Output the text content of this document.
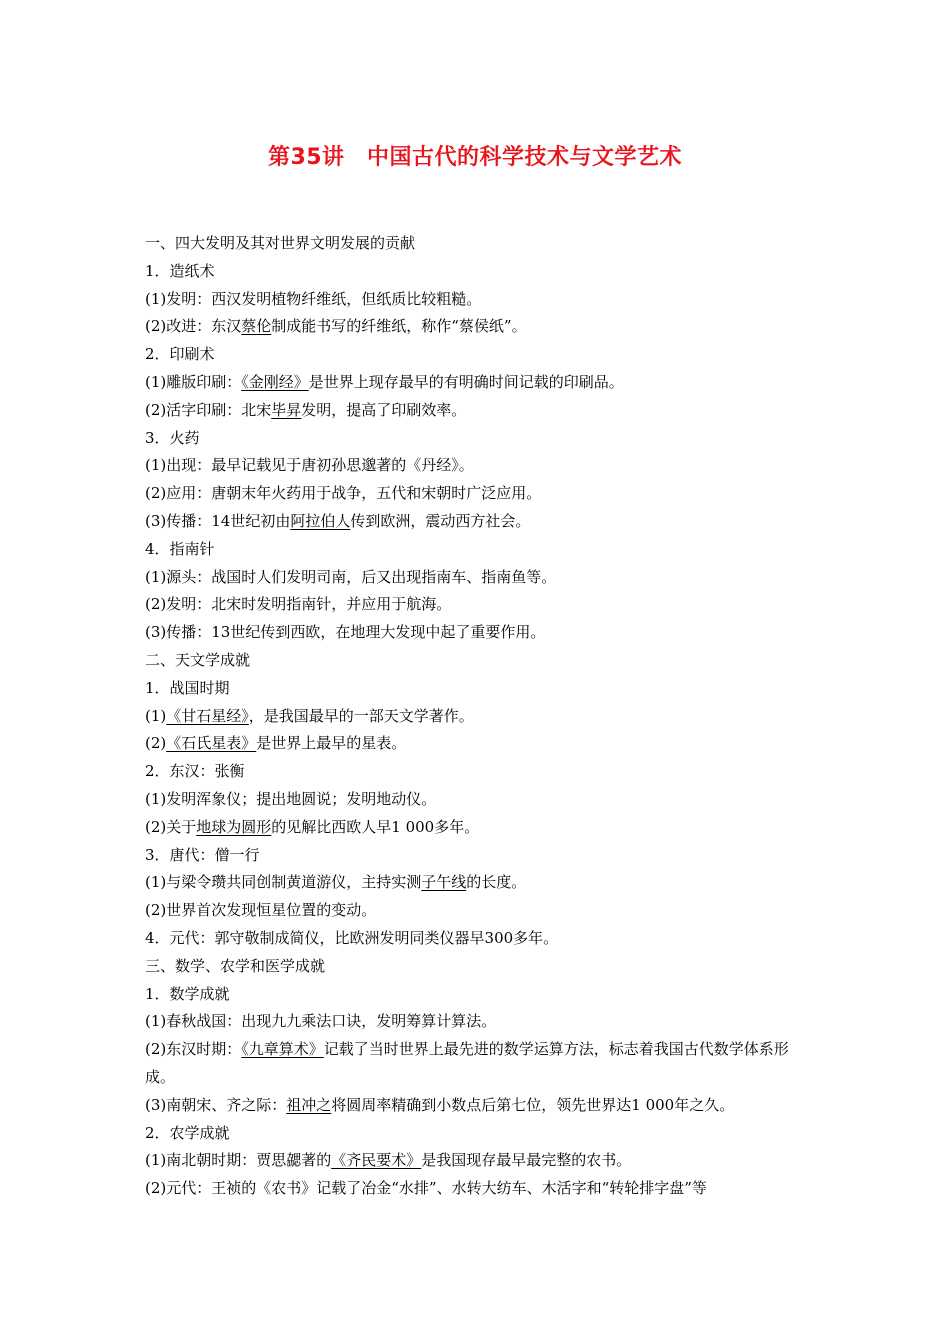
第35讲　中国古代的科学技术与文学艺术
一、四大发明及其对世界文明发展的贡献
1．造纸术
(1)发明：西汉发明植物纤维纸，但纸质比较粗糙。
(2)改进：东汉蔡伦制成能书写的纤维纸，称作“蔡侯纸”。
2．印刷术
(1)雕版印刷：《金刚经》是世界上现存最早的有明确时间记载的印刷品。
(2)活字印刷：北宋毕昇发明，提高了印刷效率。
3．火药
(1)出现：最早记载见于唐初孙思邈著的《丹经》。
(2)应用：唐朝末年火药用于战争，五代和宋朝时广泛应用。
(3)传播：14世纪初由阿拉伯人传到欧洲，震动西方社会。
4．指南针
(1)源头：战国时人们发明司南，后又出现指南车、指南鱼等。
(2)发明：北宋时发明指南针，并应用于航海。
(3)传播：13世纪传到西欧，在地理大发现中起了重要作用。
二、天文学成就
1．战国时期
(1)《甘石星经》，是我国最早的一部天文学著作。
(2)《石氏星表》是世界上最早的星表。
2．东汉：张衡
(1)发明浑象仪；提出地圆说；发明地动仪。
(2)关于地球为圆形的见解比西欧人早1 000多年。
3．唐代：僧一行
(1)与梁令瓒共同创制黄道游仪，主持实测子午线的长度。
(2)世界首次发现恒星位置的变动。
4．元代：郭守敬制成简仪，比欧洲发明同类仪器早300多年。
三、数学、农学和医学成就
1．数学成就
(1)春秋战国：出现九九乘法口诀，发明筹算计算法。
(2)东汉时期：《九章算术》记载了当时世界上最先进的数学运算方法，标志着我国古代数学体系形成。
(3)南朝宋、齐之际：祖冲之将圆周率精确到小数点后第七位，领先世界达1 000年之久。
2．农学成就
(1)南北朝时期：贾思勰著的《齐民要术》是我国现存最早最完整的农书。
(2)元代：王祯的《农书》记载了冶金“水排”、水转大纺车、木活字和“转轮排字盘”等
